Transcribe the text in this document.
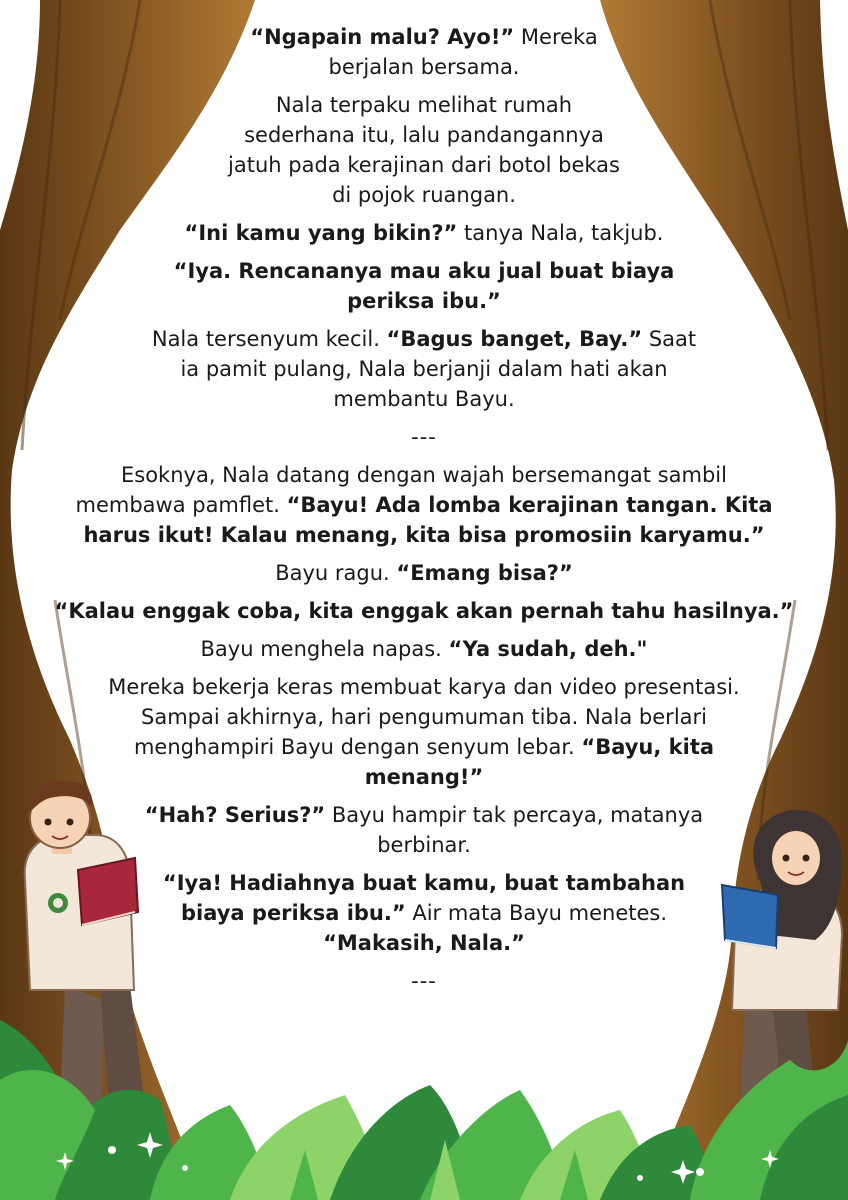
“Ngapain malu? Ayo!” Mereka
berjalan bersama.
Nala terpaku melihat rumah
sederhana itu, lalu pandangannya
jatuh pada kerajinan dari botol bekas
di pojok ruangan.
“Ini kamu yang bikin?” tanya Nala, takjub.
“Iya. Rencananya mau aku jual buat biaya
periksa ibu.”
Nala tersenyum kecil. “Bagus banget, Bay.” Saat
ia pamit pulang, Nala berjanji dalam hati akan
membantu Bayu.
---
Esoknya, Nala datang dengan wajah bersemangat sambil
membawa pamflet. “Bayu! Ada lomba kerajinan tangan. Kita
harus ikut! Kalau menang, kita bisa promosiin karyamu.”
Bayu ragu. “Emang bisa?”
“Kalau enggak coba, kita enggak akan pernah tahu hasilnya.”
Bayu menghela napas. “Ya sudah, deh."
Mereka bekerja keras membuat karya dan video presentasi.
Sampai akhirnya, hari pengumuman tiba. Nala berlari
menghampiri Bayu dengan senyum lebar. “Bayu, kita
menang!”
“Hah? Serius?” Bayu hampir tak percaya, matanya
berbinar.
“Iya! Hadiahnya buat kamu, buat tambahan
biaya periksa ibu.” Air mata Bayu menetes.
“Makasih, Nala.”
---
